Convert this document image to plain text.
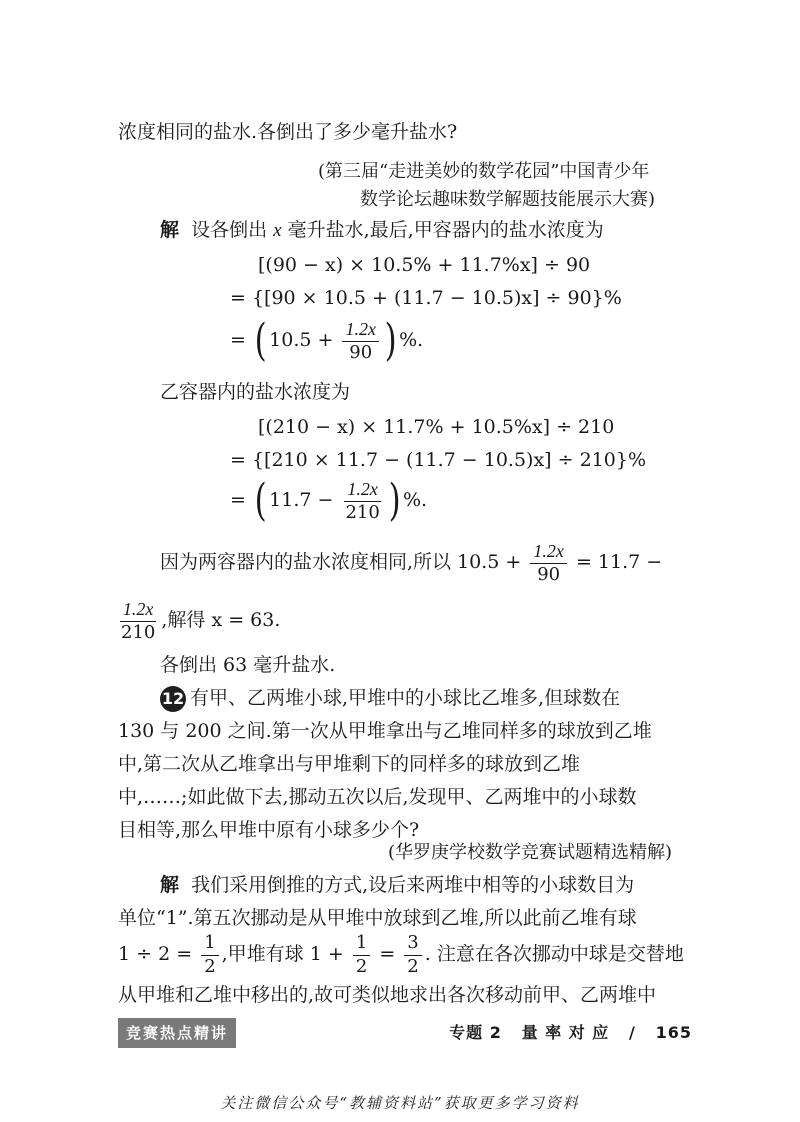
浓度相同的盐水.各倒出了多少毫升盐水?
(第三届“走进美妙的数学花园”中国青少年
数学论坛趣味数学解题技能展示大赛)
解 设各倒出 x 毫升盐水,最后,甲容器内的盐水浓度为
[(90 − x) × 10.5% + 11.7%x] ÷ 90
= {[90 × 10.5 + (11.7 − 10.5)x] ÷ 90}%
= ( $10.5 + \frac{1.2x}{90}$ ) %.
乙容器内的盐水浓度为
[(210 − x) × 11.7% + 10.5%x] ÷ 210
= {[210 × 11.7 − (11.7 − 10.5)x] ÷ 210}%
= ( $11.7 - \frac{1.2x}{210}$ ) %.
因为两容器内的盐水浓度相同,所以 $10.5 + \frac{1.2x}{90} = 11.7$ −
$\frac{1.2x}{210}$ ,解得 x = 63.
各倒出 63 毫升盐水.
12 有甲、乙两堆小球,甲堆中的小球比乙堆多,但球数在
130 与 200 之间.第一次从甲堆拿出与乙堆同样多的球放到乙堆
中,第二次从乙堆拿出与甲堆剩下的同样多的球放到乙堆
中,……;如此做下去,挪动五次以后,发现甲、乙两堆中的小球数
目相等,那么甲堆中原有小球多少个?
(华罗庚学校数学竞赛试题精选精解)
解 我们采用倒推的方式,设后来两堆中相等的小球数目为
单位“1”.第五次挪动是从甲堆中放球到乙堆,所以此前乙堆有球
$1 \div 2 = \frac{1}{2}$ ,甲堆有球 $1 + \frac{1}{2} = \frac{3}{2}$ . 注意在各次挪动中球是交替地
从甲堆和乙堆中移出的,故可类似地求出各次移动前甲、乙两堆中
竞赛热点精讲	专题 2 量 率 对 应 / 165
关注微信公众号“教辅资料站”获取更多学习资料
